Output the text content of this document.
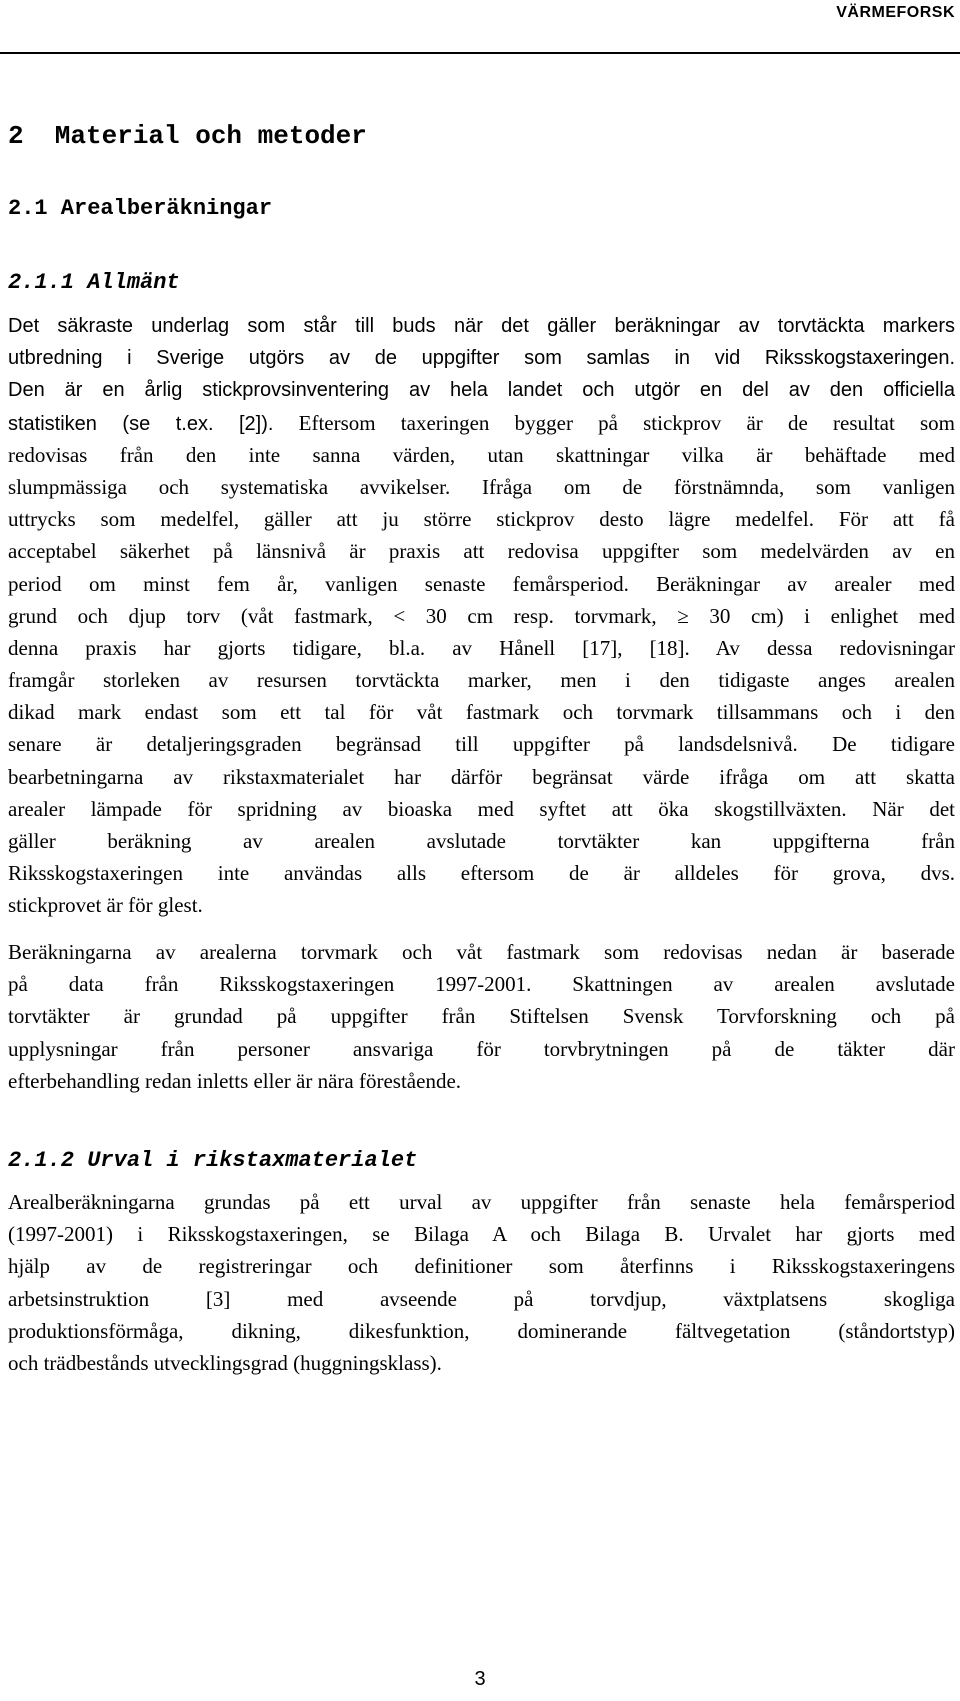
VÄRMEFORSK
2  Material och metoder
2.1 Arealberäkningar
2.1.1 Allmänt
Det säkraste underlag som står till buds när det gäller beräkningar av torvtäckta markers
utbredning i Sverige utgörs av de uppgifter som samlas in vid Riksskogstaxeringen.
Den är en årlig stickprovsinventering av hela landet och utgör en del av den officiella
statistiken (se t.ex. [2]). Eftersom taxeringen bygger på stickprov är de resultat som
redovisas från den inte sanna värden, utan skattningar vilka är behäftade med
slumpmässiga och systematiska avvikelser. Ifråga om de förstnämnda, som vanligen
uttrycks som medelfel, gäller att ju större stickprov desto lägre medelfel. För att få
acceptabel säkerhet på länsnivå är praxis att redovisa uppgifter som medelvärden av en
period om minst fem år, vanligen senaste femårsperiod. Beräkningar av arealer med
grund och djup torv (våt fastmark, < 30 cm resp. torvmark, ≥ 30 cm) i enlighet med
denna praxis har gjorts tidigare, bl.a. av Hånell [17], [18]. Av dessa redovisningar
framgår storleken av resursen torvtäckta marker, men i den tidigaste anges arealen
dikad mark endast som ett tal för våt fastmark och torvmark tillsammans och i den
senare är detaljeringsgraden begränsad till uppgifter på landsdelsnivå. De tidigare
bearbetningarna av rikstaxmaterialet har därför begränsat värde ifråga om att skatta
arealer lämpade för spridning av bioaska med syftet att öka skogstillväxten. När det
gäller beräkning av arealen avslutade torvtäkter kan uppgifterna från
Riksskogstaxeringen inte användas alls eftersom de är alldeles för grova, dvs.
stickprovet är för glest.
Beräkningarna av arealerna torvmark och våt fastmark som redovisas nedan är baserade
på data från Riksskogstaxeringen 1997-2001. Skattningen av arealen avslutade
torvtäkter är grundad på uppgifter från Stiftelsen Svensk Torvforskning och på
upplysningar från personer ansvariga för torvbrytningen på de täkter där
efterbehandling redan inletts eller är nära förestående.
2.1.2 Urval i rikstaxmaterialet
Arealberäkningarna grundas på ett urval av uppgifter från senaste hela femårsperiod
(1997-2001) i Riksskogstaxeringen, se Bilaga A och Bilaga B. Urvalet har gjorts med
hjälp av de registreringar och definitioner som återfinns i Riksskogstaxeringens
arbetsinstruktion [3] med avseende på torvdjup, växtplatsens skogliga
produktionsförmåga, dikning, dikesfunktion, dominerande fältvegetation (ståndortstyp)
och trädbestånds utvecklingsgrad (huggningsklass).
3
